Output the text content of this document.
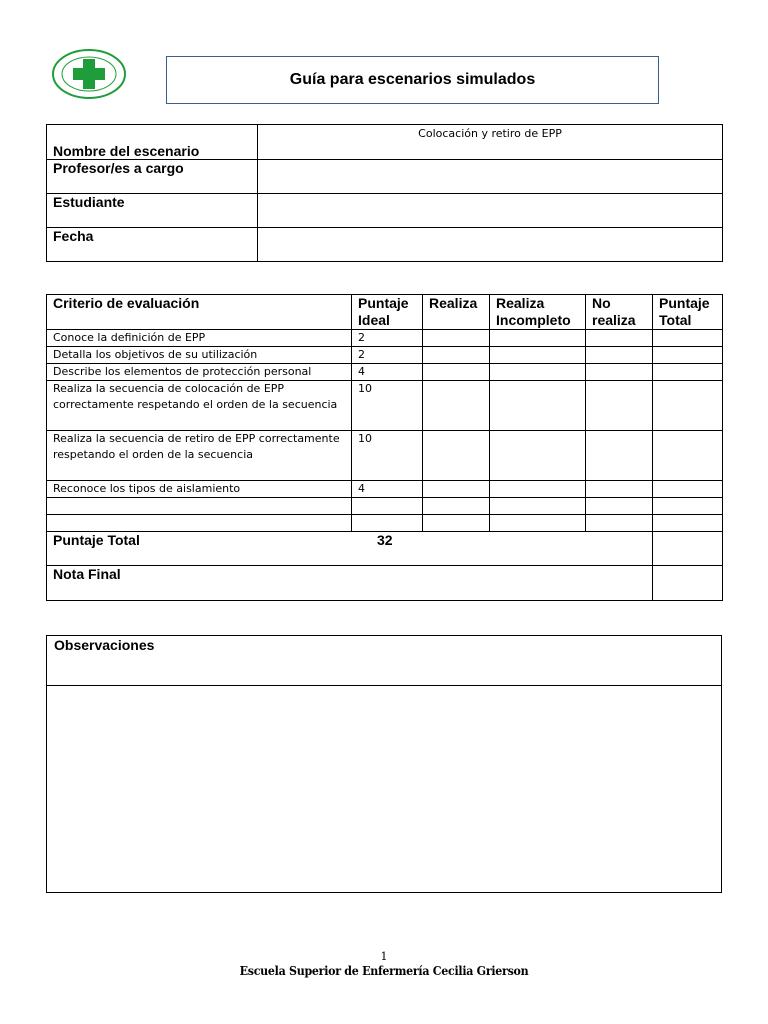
Guía para escenarios simulados
Nombre del escenario	Colocación y retiro de EPP
Profesor/es a cargo	
Estudiante	
Fecha	
Criterio de evaluación	Puntaje Ideal	Realiza	Realiza Incompleto	No realiza	Puntaje Total
Conoce la definición de EPP	2				
Detalla los objetivos de su utilización	2				
Describe los elementos de protección personal	4				
Realiza la secuencia de colocación de EPP correctamente respetando el orden de la secuencia	10				
Realiza la secuencia de retiro de EPP correctamente respetando el orden de la secuencia	10				
Reconoce los tipos de aislamiento	4				

Puntaje Total 32					
Nota Final					
Observaciones
1
Escuela Superior de Enfermería Cecilia Grierson
